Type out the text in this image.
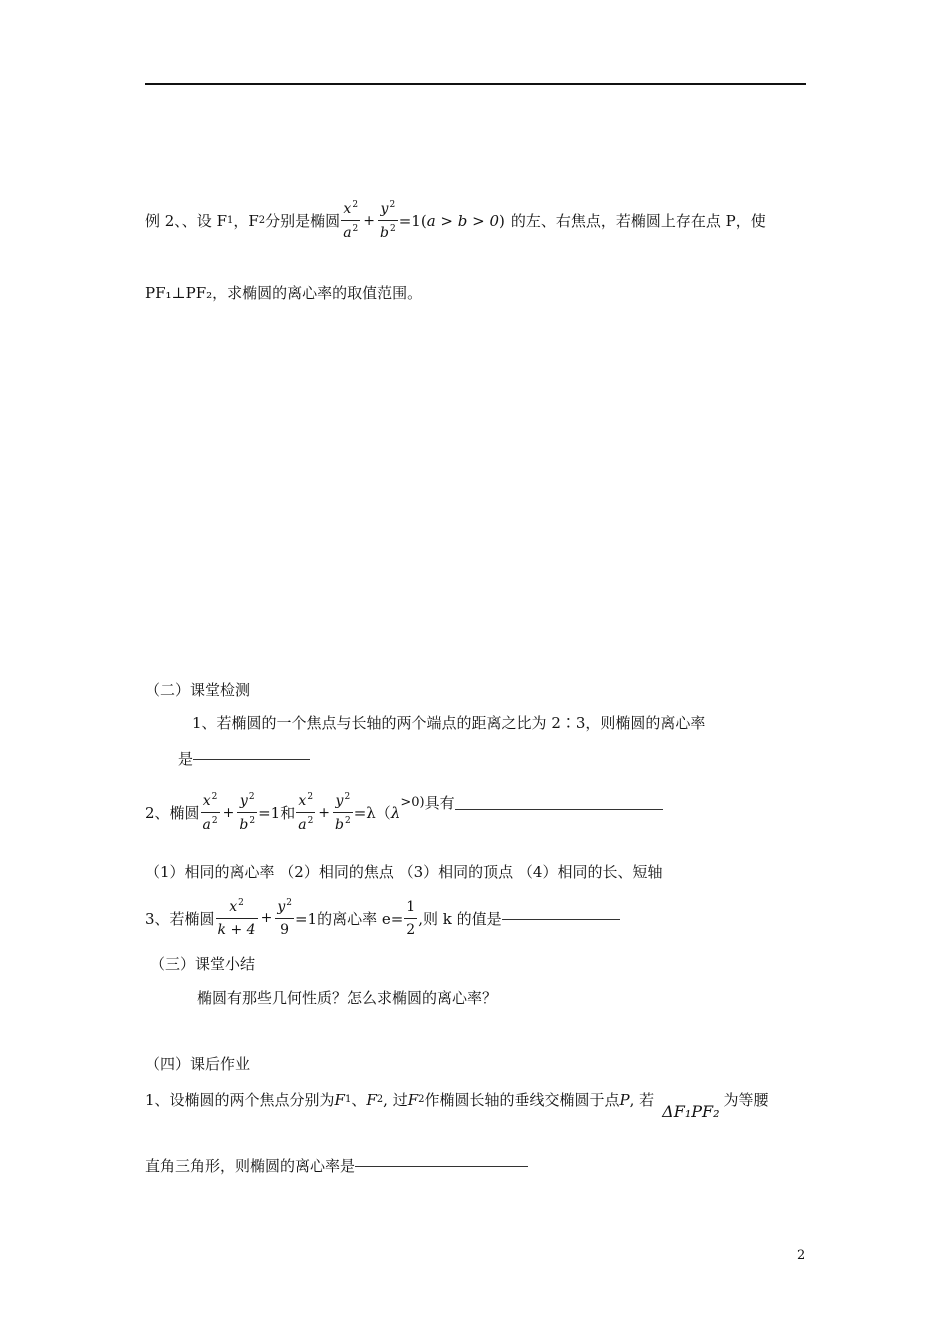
例 2、、设 F 1 ，F 2 分别是椭圆 $\frac{x^2}{a^2} + \frac{y^2}{b^2} =1$( a > b > 0 ) 的左、右焦点，若椭圆上存在点 P，使
PF₁⊥PF₂，求椭圆的离心率的取值范围。
（二）课堂检测
1、若椭圆的一个焦点与长轴的两个端点的距离之比为 2∶3，则椭圆的离心率
是
2、椭圆 $\frac{x^2}{a^2} + \frac{y^2}{b^2} =1$和 $\frac{x^2}{a^2} + \frac{y^2}{b^2} =\lambda$（ λ
>0 ) 具有
（1）相同的离心率 （2）相同的焦点 （3）相同的顶点 （4）相同的长、短轴
3、若椭圆 $\frac{x^2}{k + 4} + \frac{y^2}{9} =1$的离心率 $e= \frac{1}{2}$ ,则 k 的值是
（三）课堂小结
椭圆有那些几何性质？怎么求椭圆的离心率？
（四）课后作业
1、设椭圆的两个焦点分别为 F 1 、 F 2 , 过 F 2 作椭圆长轴的垂线交椭圆于点 P , 若
ΔF₁PF₂
为等腰
直角三角形，则椭圆的离心率是
2
